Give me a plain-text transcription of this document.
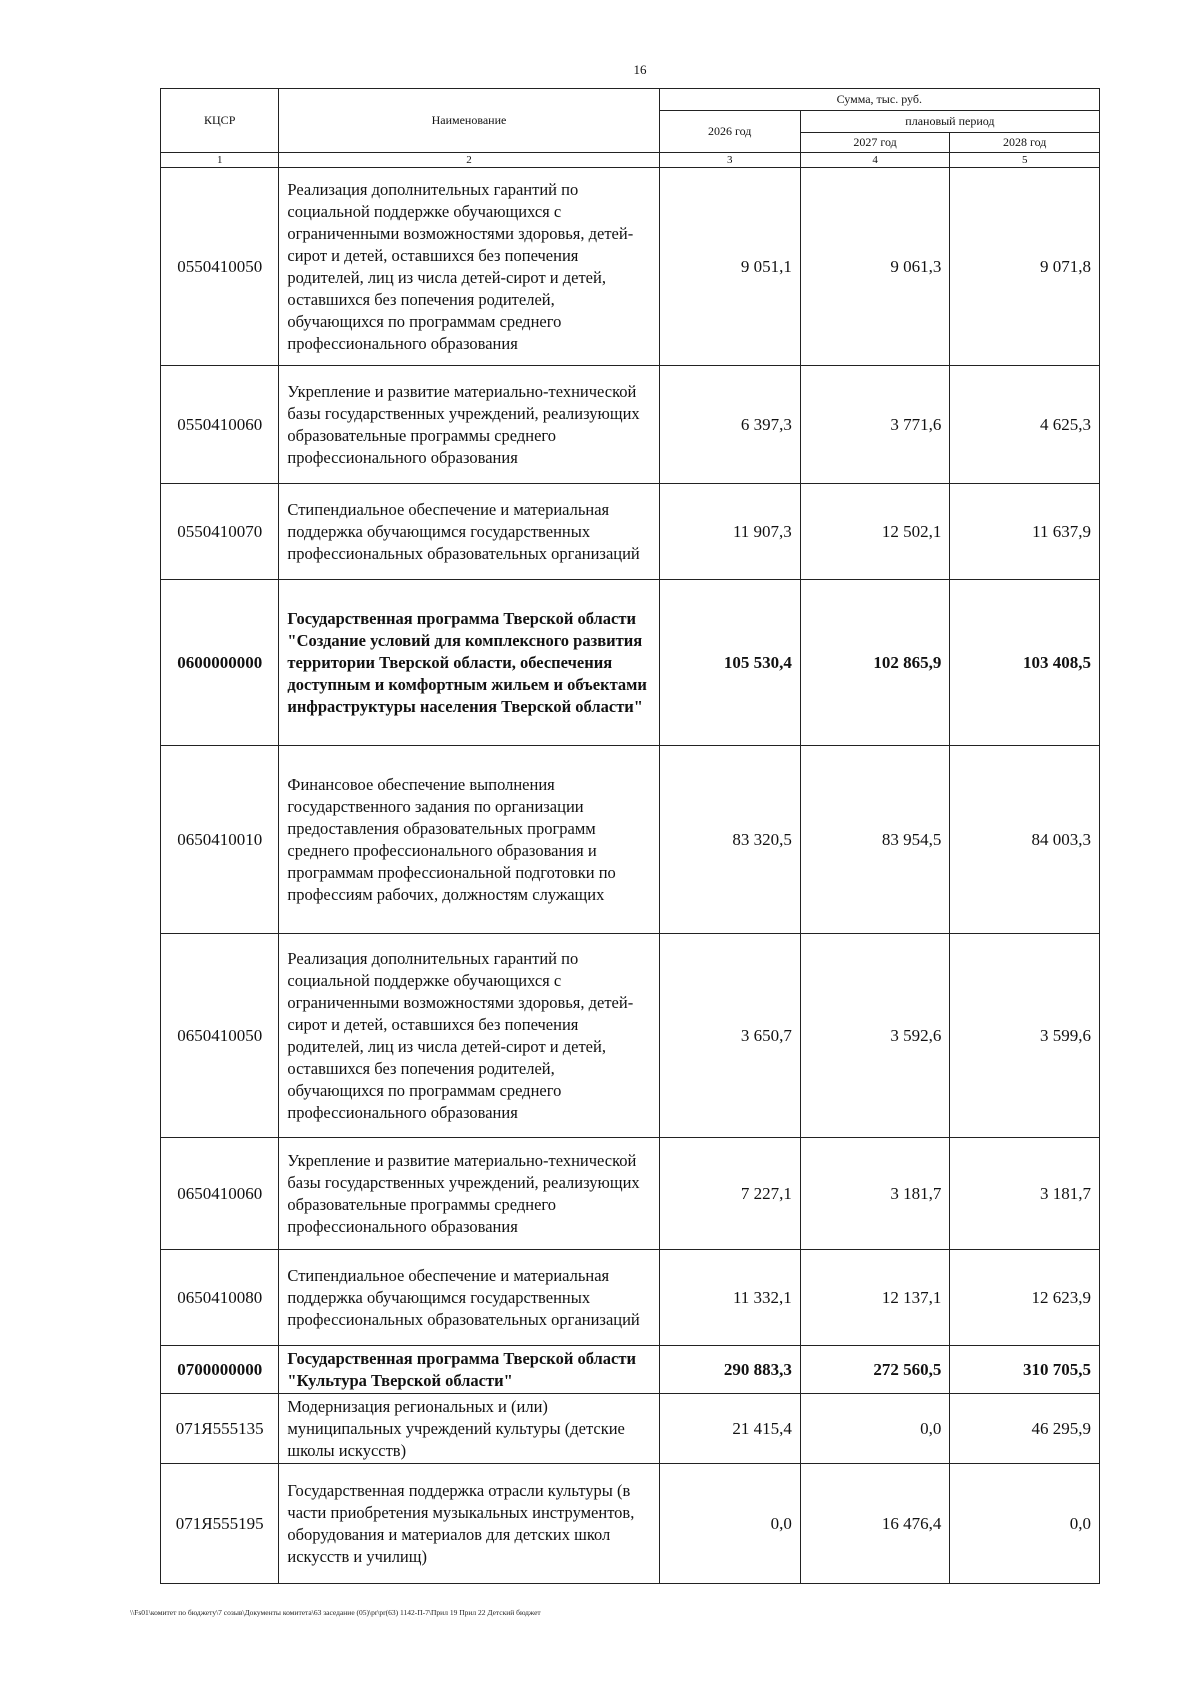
16
КЦСР	Наименование	Сумма, тыс. руб.		
		2026 год	плановый период	
			2027 год	2028 год
1	2	3	4	5
0550410050	Реализация дополнительных гарантий по социальной поддержке обучающихся с ограниченными возможностями здоровья, детей-сирот и детей, оставшихся без попечения родителей, лиц из числа детей-сирот и детей, оставшихся без попечения родителей, обучающихся по программам среднего профессионального образования	9 051,1	9 061,3	9 071,8
0550410060	Укрепление и развитие материально-технической базы государственных учреждений, реализующих образовательные программы среднего профессионального образования	6 397,3	3 771,6	4 625,3
0550410070	Стипендиальное обеспечение и материальная поддержка обучающимся государственных профессиональных образовательных организаций	11 907,3	12 502,1	11 637,9
0600000000	Государственная программа Тверской области "Создание условий для комплексного развития территории Тверской области, обеспечения доступным и комфортным жильем и объектами инфраструктуры населения Тверской области"	105 530,4	102 865,9	103 408,5
0650410010	Финансовое обеспечение выполнения государственного задания по организации предоставления образовательных программ среднего профессионального образования и программам профессиональной подготовки по профессиям рабочих, должностям служащих	83 320,5	83 954,5	84 003,3
0650410050	Реализация дополнительных гарантий по социальной поддержке обучающихся с ограниченными возможностями здоровья, детей-сирот и детей, оставшихся без попечения родителей, лиц из числа детей-сирот и детей, оставшихся без попечения родителей, обучающихся по программам среднего профессионального образования	3 650,7	3 592,6	3 599,6
0650410060	Укрепление и развитие материально-технической базы государственных учреждений, реализующих образовательные программы среднего профессионального образования	7 227,1	3 181,7	3 181,7
0650410080	Стипендиальное обеспечение и материальная поддержка обучающимся государственных профессиональных образовательных организаций	11 332,1	12 137,1	12 623,9
0700000000	Государственная программа Тверской области "Культура Тверской области"	290 883,3	272 560,5	310 705,5
071Я555135	Модернизация региональных и (или) муниципальных учреждений культуры (детские школы искусств)	21 415,4	0,0	46 295,9
071Я555195	Государственная поддержка отрасли культуры (в части приобретения музыкальных инструментов, оборудования и материалов для детских школ искусств и училищ)	0,0	16 476,4	0,0
\\Fs01\комитет по бюджету\7 созыв\Документы комитета\63 заседание (05)\pr\pr(63) 1142-П-7\Прил 19 Прил 22 Детский бюджет
